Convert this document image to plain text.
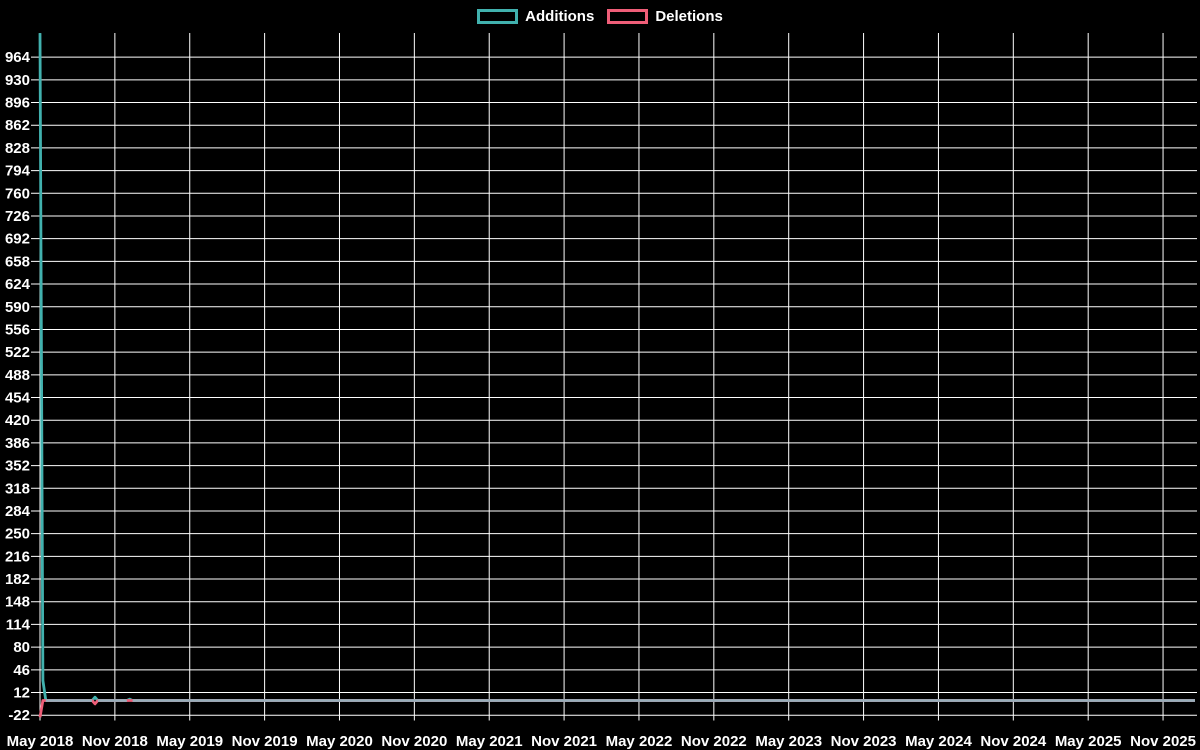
964
930
896
862
828
794
760
726
692
658
624
590
556
522
488
454
420
386
352
318
284
250
216
182
148
114
80
46
12
-22
May 2018 Nov 2018 May 2019 Nov 2019 May 2020 Nov 2020 May 2021 Nov 2021 May 2022 Nov 2022 May 2023 Nov 2023 May 2024 Nov 2024 May 2025 Nov 2025
Additions	Deletions
